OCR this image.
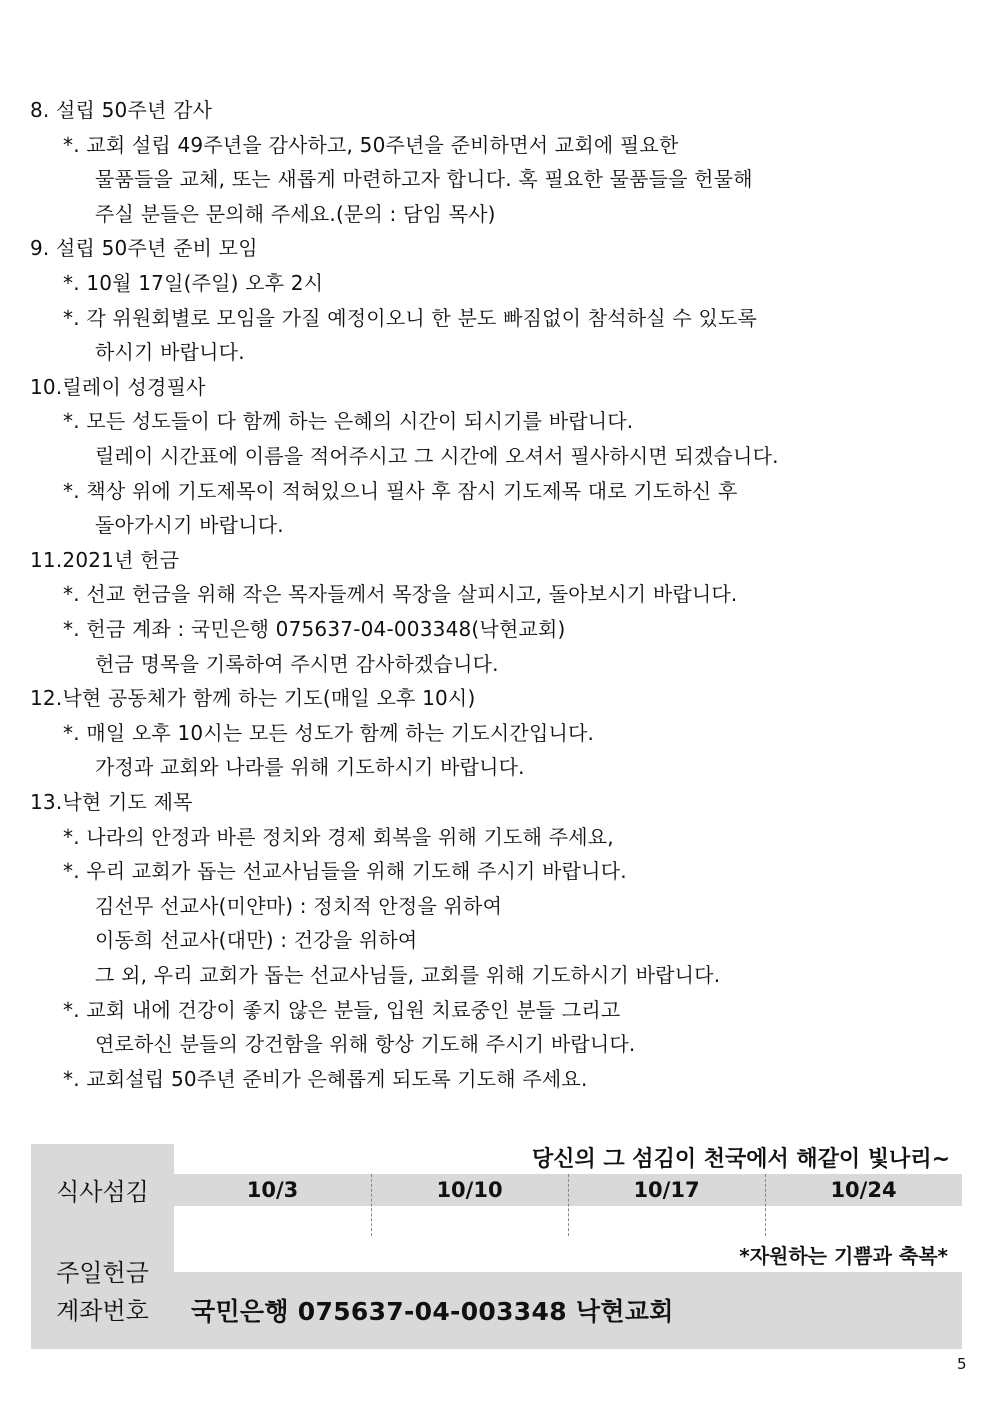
8. 설립 50주년 감사
*. 교회 설립 49주년을 감사하고, 50주년을 준비하면서 교회에 필요한
물품들을 교체, 또는 새롭게 마련하고자 합니다. 혹 필요한 물품들을 헌물해
주실 분들은 문의해 주세요.(문의 : 담임 목사)
9. 설립 50주년 준비 모임
*. 10월 17일(주일) 오후 2시
*. 각 위원회별로 모임을 가질 예정이오니 한 분도 빠짐없이 참석하실 수 있도록
하시기 바랍니다.
10.릴레이 성경필사
*. 모든 성도들이 다 함께 하는 은혜의 시간이 되시기를 바랍니다.
릴레이 시간표에 이름을 적어주시고 그 시간에 오셔서 필사하시면 되겠습니다.
*. 책상 위에 기도제목이 적혀있으니 필사 후 잠시 기도제목 대로 기도하신 후
돌아가시기 바랍니다.
11.2021년 헌금
*. 선교 헌금을 위해 작은 목자들께서 목장을 살피시고, 돌아보시기 바랍니다.
*. 헌금 계좌 : 국민은행 075637-04-003348(낙현교회)
헌금 명목을 기록하여 주시면 감사하겠습니다.
12.낙현 공동체가 함께 하는 기도(매일 오후 10시)
*. 매일 오후 10시는 모든 성도가 함께 하는 기도시간입니다.
가정과 교회와 나라를 위해 기도하시기 바랍니다.
13.낙현 기도 제목
*. 나라의 안정과 바른 정치와 경제 회복을 위해 기도해 주세요,
*. 우리 교회가 돕는 선교사님들을 위해 기도해 주시기 바랍니다.
김선무 선교사(미얀마) : 정치적 안정을 위하여
이동희 선교사(대만) : 건강을 위하여
그 외, 우리 교회가 돕는 선교사님들, 교회를 위해 기도하시기 바랍니다.
*. 교회 내에 건강이 좋지 않은 분들, 입원 치료중인 분들 그리고
연로하신 분들의 강건함을 위해 항상 기도해 주시기 바랍니다.
*. 교회설립 50주년 준비가 은혜롭게 되도록 기도해 주세요.
식사섬김
당신의 그 섬김이 천국에서 해같이 빛나리~
10/3	10/10	10/17	10/24
*자원하는 기쁨과 축복*
주일헌금
계좌번호	국민은행 075637-04-003348 낙현교회
5
